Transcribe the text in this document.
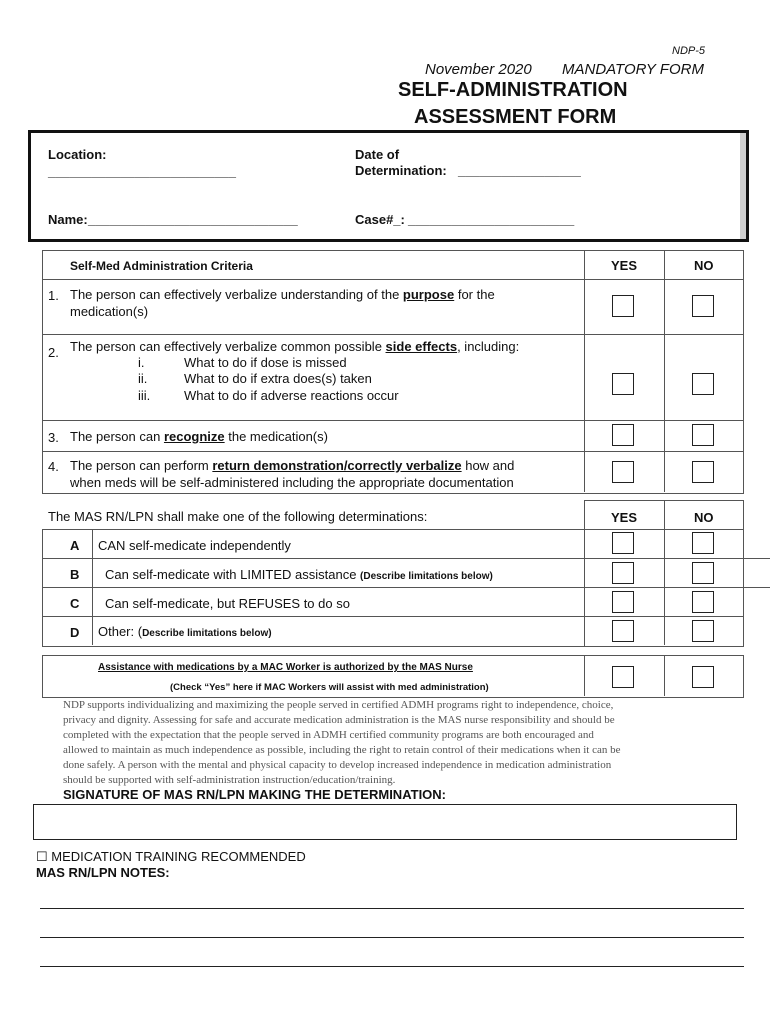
NDP-5
November 2020 MANDATORY FORM
SELF-ADMINISTRATION
ASSESSMENT FORM
Location:
__________________________
Date of
Determination: _________________
Name: _____________________________	Case#_: _______________________
Self-Med Administration Criteria	YES	NO
1. The person can effectively verbalize understanding of the purpose for the
medication(s)
2. The person can effectively verbalize common possible side effects, including:
i.	What to do if dose is missed
ii.	What to do if extra does(s) taken
iii.	What to do if adverse reactions occur
3. The person can recognize the medication(s)
4. The person can perform return demonstration/correctly verbalize how and
when meds will be self-administered including the appropriate documentation
The MAS RN/LPN shall make one of the following determinations:	YES	NO
A CAN self-medicate independently
B Can self-medicate with LIMITED assistance (Describe limitations below)
C Can self-medicate, but REFUSES to do so
D Other: (Describe limitations below)
Assistance with medications by a MAC Worker is authorized by the MAS Nurse
(Check “Yes” here if MAC Workers will assist with med administration)
NDP supports individualizing and maximizing the people served in certified ADMH programs right to independence, choice,
privacy and dignity. Assessing for safe and accurate medication administration is the MAS nurse responsibility and should be
completed with the expectation that the people served in ADMH certified community programs are both encouraged and
allowed to maintain as much independence as possible, including the right to retain control of their medications when it can be
done safely. A person with the mental and physical capacity to develop increased independence in medication administration
should be supported with self-administration instruction/education/training.
SIGNATURE OF MAS RN/LPN MAKING THE DETERMINATION:
☐ MEDICATION TRAINING RECOMMENDED
MAS RN/LPN NOTES:
